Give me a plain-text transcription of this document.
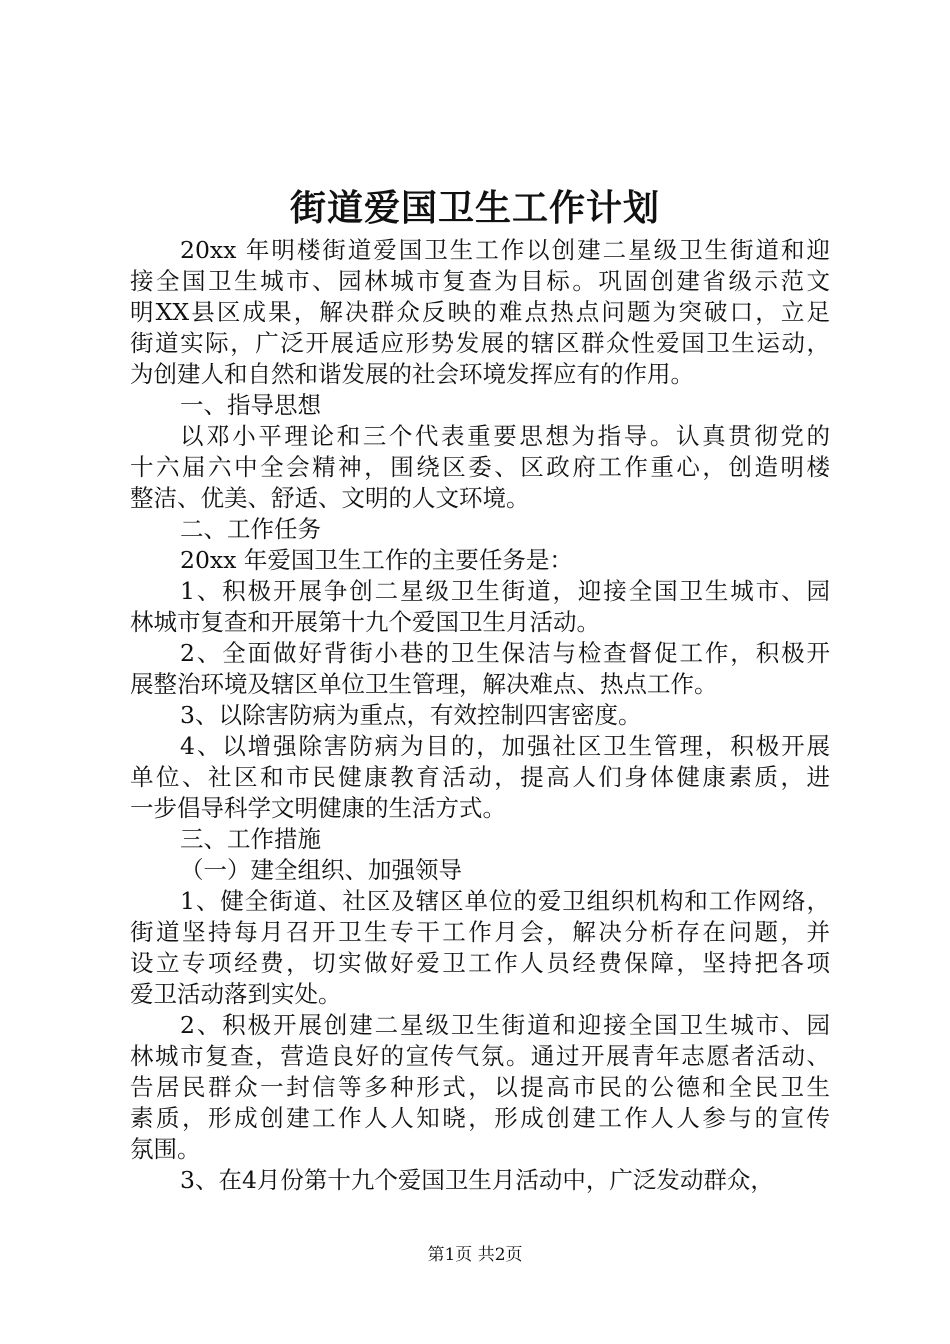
街道爱国卫生工作计划
20xx 年明楼街道爱国卫生工作以创建二星级卫生街道和迎
接全国卫生城市、园林城市复查为目标。巩固创建省级示范文
明XX县区成果，解决群众反映的难点热点问题为突破口，立足
街道实际，广泛开展适应形势发展的辖区群众性爱国卫生运动，
为创建人和自然和谐发展的社会环境发挥应有的作用。
一、指导思想
以邓小平理论和三个代表重要思想为指导。认真贯彻党的
十六届六中全会精神，围绕区委、区政府工作重心，创造明楼
整洁、优美、舒适、文明的人文环境。
二、工作任务
20xx 年爱国卫生工作的主要任务是：
1、积极开展争创二星级卫生街道，迎接全国卫生城市、园
林城市复查和开展第十九个爱国卫生月活动。
2、全面做好背街小巷的卫生保洁与检查督促工作，积极开
展整治环境及辖区单位卫生管理，解决难点、热点工作。
3、以除害防病为重点，有效控制四害密度。
4、以增强除害防病为目的，加强社区卫生管理，积极开展
单位、社区和市民健康教育活动，提高人们身体健康素质，进
一步倡导科学文明健康的生活方式。
三、工作措施
（一）建全组织、加强领导
1、健全街道、社区及辖区单位的爱卫组织机构和工作网络，
街道坚持每月召开卫生专干工作月会，解决分析存在问题，并
设立专项经费，切实做好爱卫工作人员经费保障，坚持把各项
爱卫活动落到实处。
2、积极开展创建二星级卫生街道和迎接全国卫生城市、园
林城市复查，营造良好的宣传气氛。通过开展青年志愿者活动、
告居民群众一封信等多种形式，以提高市民的公德和全民卫生
素质，形成创建工作人人知晓，形成创建工作人人参与的宣传
氛围。
3、在4月份第十九个爱国卫生月活动中，广泛发动群众，
第1页 共2页
